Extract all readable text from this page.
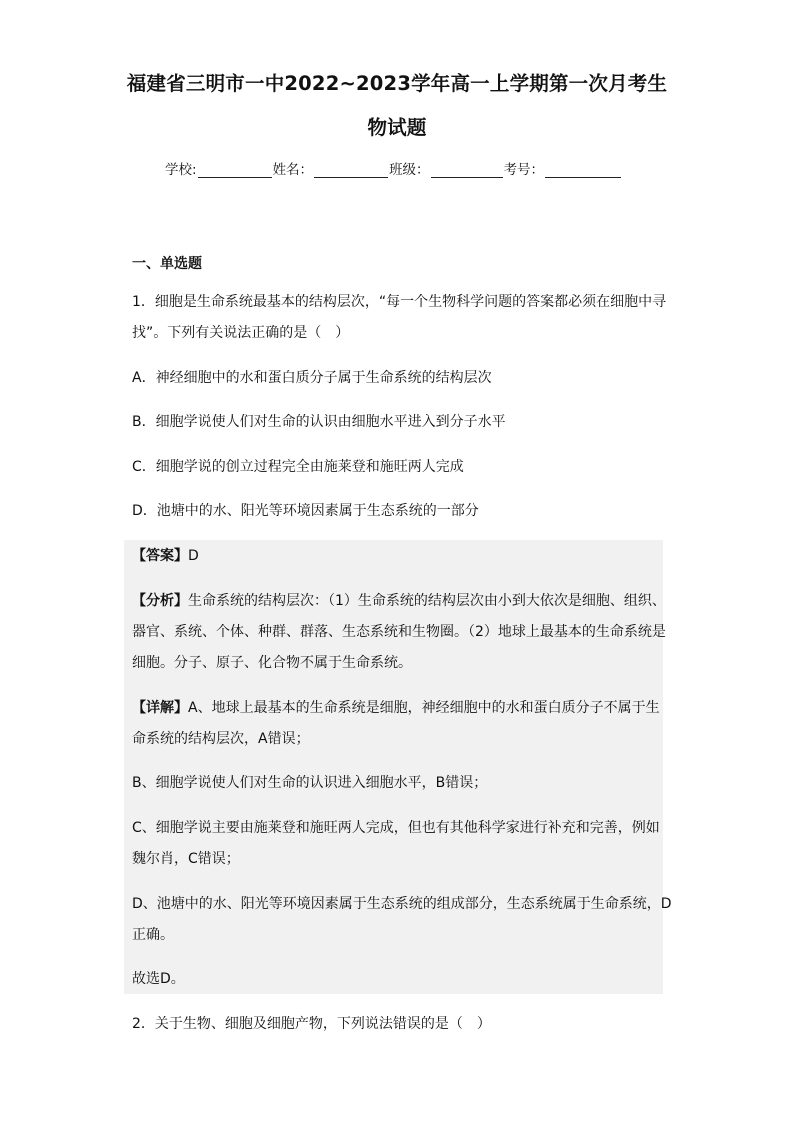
福建省三明市一中2022~2023学年高一上学期第一次月考生
物试题
学校:	姓名：	班级：	考号：
一、单选题
1．细胞是生命系统最基本的结构层次，“每一个生物科学问题的答案都必须在细胞中寻
找”。下列有关说法正确的是（　）
A．神经细胞中的水和蛋白质分子属于生命系统的结构层次
B．细胞学说使人们对生命的认识由细胞水平进入到分子水平
C．细胞学说的创立过程完全由施莱登和施旺两人完成
D．池塘中的水、阳光等环境因素属于生态系统的一部分
【答案】D
【分析】生命系统的结构层次：（1）生命系统的结构层次由小到大依次是细胞、组织、
器官、系统、个体、种群、群落、生态系统和生物圈。（2）地球上最基本的生命系统是
细胞。分子、原子、化合物不属于生命系统。
【详解】A、地球上最基本的生命系统是细胞，神经细胞中的水和蛋白质分子不属于生
命系统的结构层次，A错误；
B、细胞学说使人们对生命的认识进入细胞水平，B错误；
C、细胞学说主要由施莱登和施旺两人完成，但也有其他科学家进行补充和完善，例如
魏尔肖，C错误；
D、池塘中的水、阳光等环境因素属于生态系统的组成部分，生态系统属于生命系统，D
正确。
故选D。
2．关于生物、细胞及细胞产物，下列说法错误的是（　）
